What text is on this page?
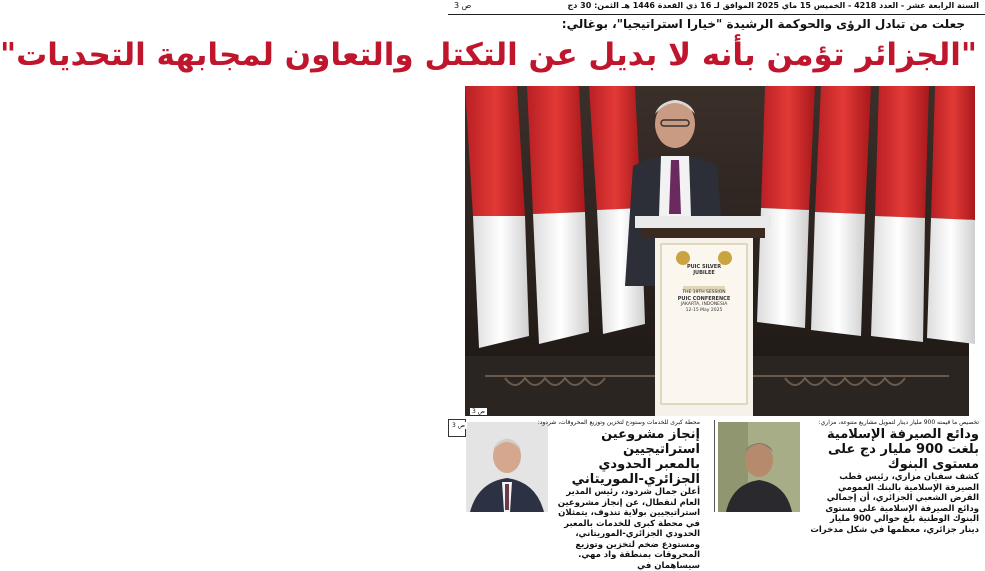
السنة الرابعة عشر - العدد 4218 - الخميس 15 ماي 2025 الموافق لـ 16 ذي القعدة 1446 هـ الثمن: 30 دج
ص 3
جعلت من تبادل الرؤى والحوكمة الرشيدة "خيارا استراتيجيا"، بوغالي:
"الجزائر تؤمن بأنه لا بديل عن التكتل والتعاون لمجابهة التحديات"
PUIC SILVER
JUBILEE
THE 19TH SESSION
PUIC CONFERENCE
JAKARTA, INDONESIA
12-15 May 2025
ص 3
تخصيص ما قيمته 900 مليار دينار لتمويل مشاريع متنوعة، مزاري:
ودائع الصيرفة الإسلامية
بلغت 900 مليار دج على مستوى البنوك
كشف سفيان مزاري، رئيس قطب الصيرفة الإسلامية بالبنك العمومي القرض الشعبي الجزائري، أن إجمالي ودائع الصيرفة الإسلامية على مستوى البنوك الوطنية بلغ حوالي 900 مليار دينار جزائري، معظمها في شكل مدخرات
محطة كبرى للخدمات وستودع لتخزين وتوزيع المحروقات، شردود:
إنجاز مشروعين استراتيجيين
بالمعبر الحدودي الجزائري-الموريتاني
أعلن جمال شردود، رئيس المدير العام لنفطال، عن إنجاز مشروعين استراتيجيين بولاية تندوف، يتمثلان في محطة كبرى للخدمات بالمعبر الحدودي الجزائري-الموريتاني، ومستودع ضخم لتخزين وتوزيع المحروقات بمنطقة واد مهي. سيساهمان في
ص 3
